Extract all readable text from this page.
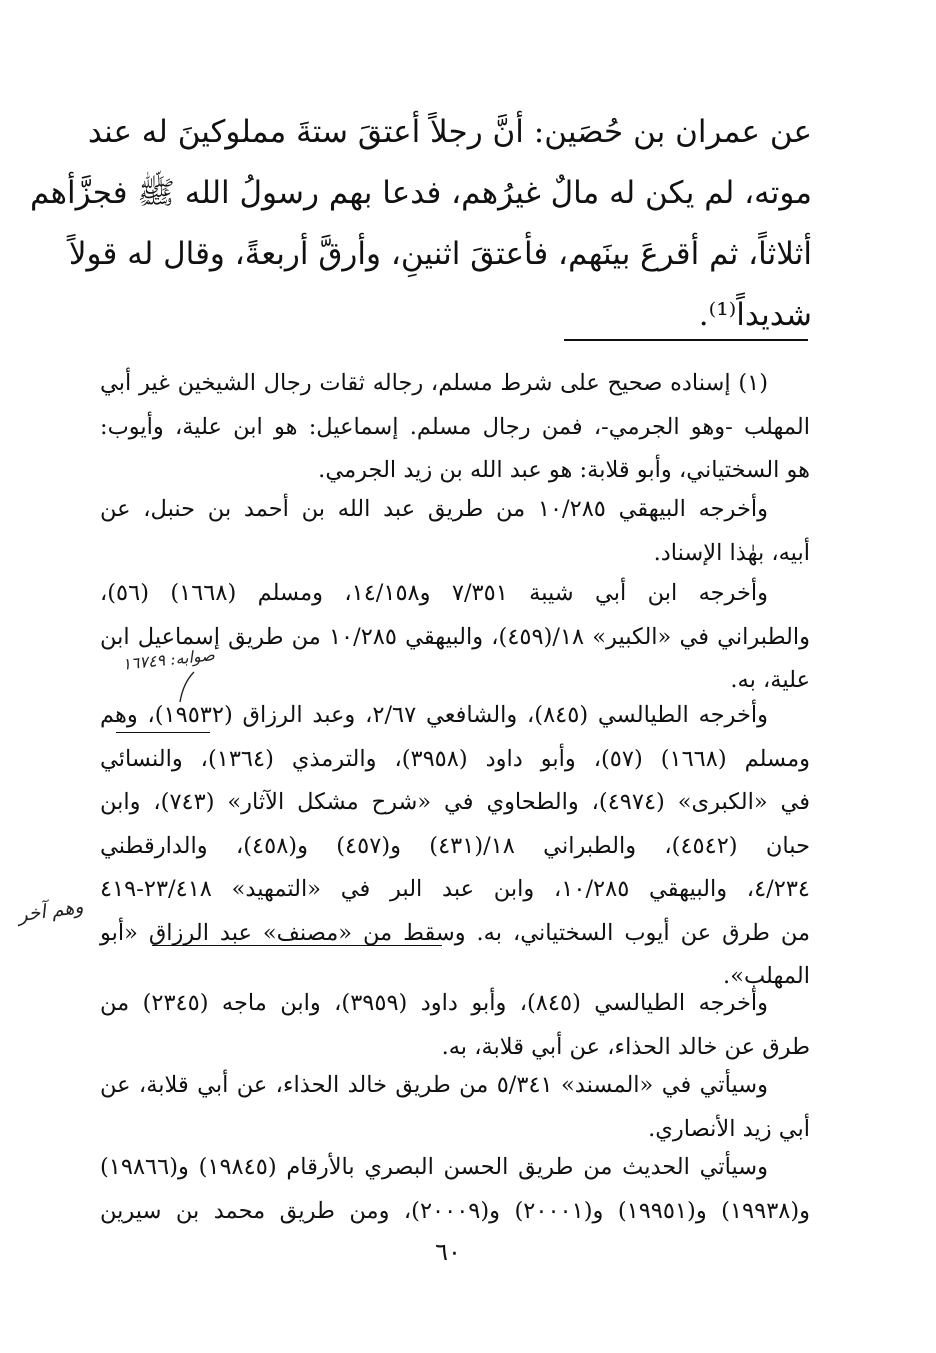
عن عمران بن حُصَين: أنَّ رجلاً أعتقَ ستةَ مملوكينَ له عند
موته، لم يكن له مالٌ غيرُهم، فدعا بهم رسولُ الله ﷺ فجزَّأهم
أثلاثاً، ثم أقرعَ بينَهم، فأعتقَ اثنينِ، وأرقَّ أربعةً، وقال له قولاً
شديداً⁽¹⁾.
(١) إسناده صحيح على شرط مسلم، رجاله ثقات رجال الشيخين غير أبي
المهلب -وهو الجرمي-، فمن رجال مسلم. إسماعيل: هو ابن علية، وأيوب:
هو السختياني، وأبو قلابة: هو عبد الله بن زيد الجرمي.
وأخرجه البيهقي ١٠/٢٨٥ من طريق عبد الله بن أحمد بن حنبل، عن
أبيه، بهٰذا الإسناد.
وأخرجه ابن أبي شيبة ٧/٣٥١ و١٤/١٥٨، ومسلم (١٦٦٨) (٥٦)،
والطبراني في «الكبير» ١٨/(٤٥٩)، والبيهقي ١٠/٢٨٥ من طريق إسماعيل ابن
علية، به.
وأخرجه الطيالسي (٨٤٥)، والشافعي ٢/٦٧، وعبد الرزاق (١٩٥٣٢)، وهم
ومسلم (١٦٦٨) (٥٧)، وأبو داود (٣٩٥٨)، والترمذي (١٣٦٤)، والنسائي
في «الكبرى» (٤٩٧٤)، والطحاوي في «شرح مشكل الآثار» (٧٤٣)، وابن
حبان (٤٥٤٢)، والطبراني ١٨/(٤٣١) و(٤٥٧) و(٤٥٨)، والدارقطني
٤/٢٣٤، والبيهقي ١٠/٢٨٥، وابن عبد البر في «التمهيد» ٢٣/٤١٨-٤١٩
من طرق عن أيوب السختياني، به. وسقط من «مصنف» عبد الرزاق «أبو
المهلب».
وأخرجه الطيالسي (٨٤٥)، وأبو داود (٣٩٥٩)، وابن ماجه (٢٣٤٥) من
طرق عن خالد الحذاء، عن أبي قلابة، به.
وسيأتي في «المسند» ٥/٣٤١ من طريق خالد الحذاء، عن أبي قلابة، عن
أبي زيد الأنصاري.
وسيأتي الحديث من طريق الحسن البصري بالأرقام (١٩٨٤٥) و(١٩٨٦٦)
و(١٩٩٣٨) و(١٩٩٥١) و(٢٠٠٠١) و(٢٠٠٠٩)، ومن طريق محمد بن سيرين
صوابه: ١٦٧٤٩
وهم آخر
٦٠
